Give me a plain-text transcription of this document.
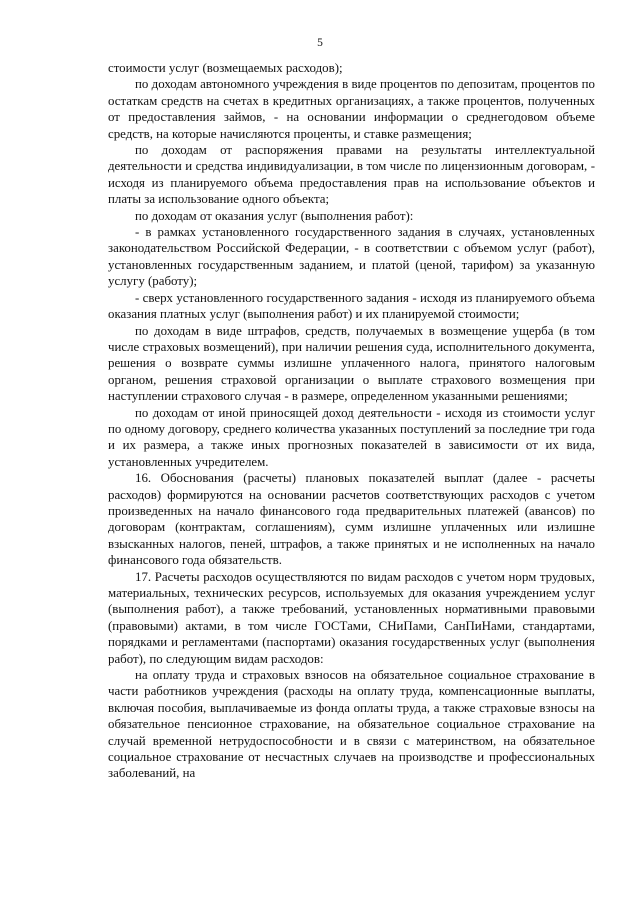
5

стоимости услуг (возмещаемых расходов);

по доходам автономного учреждения в виде процентов по депозитам, процентов по остаткам средств на счетах в кредитных организациях, а также процентов, полученных от предоставления займов, - на основании информации о среднегодовом объеме средств, на которые начисляются проценты, и ставке размещения;

по доходам от распоряжения правами на результаты интеллектуальной деятельности и средства индивидуализации, в том числе по лицензионным договорам, - исходя из планируемого объема предоставления прав на использование объектов и платы за использование одного объекта;

по доходам от оказания услуг (выполнения работ):

- в рамках установленного государственного задания в случаях, установленных законодательством Российской Федерации, - в соответствии с объемом услуг (работ), установленных государственным заданием, и платой (ценой, тарифом) за указанную услугу (работу);

- сверх установленного государственного задания - исходя из планируемого объема оказания платных услуг (выполнения работ) и их планируемой стоимости;

по доходам в виде штрафов, средств, получаемых в возмещение ущерба (в том числе страховых возмещений), при наличии решения суда, исполнительного документа, решения о возврате суммы излишне уплаченного налога, принятого налоговым органом, решения страховой организации о выплате страхового возмещения при наступлении страхового случая - в размере, определенном указанными решениями;

по доходам от иной приносящей доход деятельности - исходя из стоимости услуг по одному договору, среднего количества указанных поступлений за последние три года и их размера, а также иных прогнозных показателей в зависимости от их вида, установленных учредителем.

16. Обоснования (расчеты) плановых показателей выплат (далее - расчеты расходов) формируются на основании расчетов соответствующих расходов с учетом произведенных на начало финансового года предварительных платежей (авансов) по договорам (контрактам, соглашениям), сумм излишне уплаченных или излишне взысканных налогов, пеней, штрафов, а также принятых и не исполненных на начало финансового года обязательств.

17. Расчеты расходов осуществляются по видам расходов с учетом норм трудовых, материальных, технических ресурсов, используемых для оказания учреждением услуг (выполнения работ), а также требований, установленных нормативными правовыми (правовыми) актами, в том числе ГОСТами, СНиПами, СанПиНами, стандартами, порядками и регламентами (паспортами) оказания государственных услуг (выполнения работ), по следующим видам расходов:

на оплату труда и страховых взносов на обязательное социальное страхование в части работников учреждения (расходы на оплату труда, компенсационные выплаты, включая пособия, выплачиваемые из фонда оплаты труда, а также страховые взносы на обязательное пенсионное страхование, на обязательное социальное страхование на случай временной нетрудоспособности и в связи с материнством, на обязательное социальное страхование от несчастных случаев на производстве и профессиональных заболеваний, на
